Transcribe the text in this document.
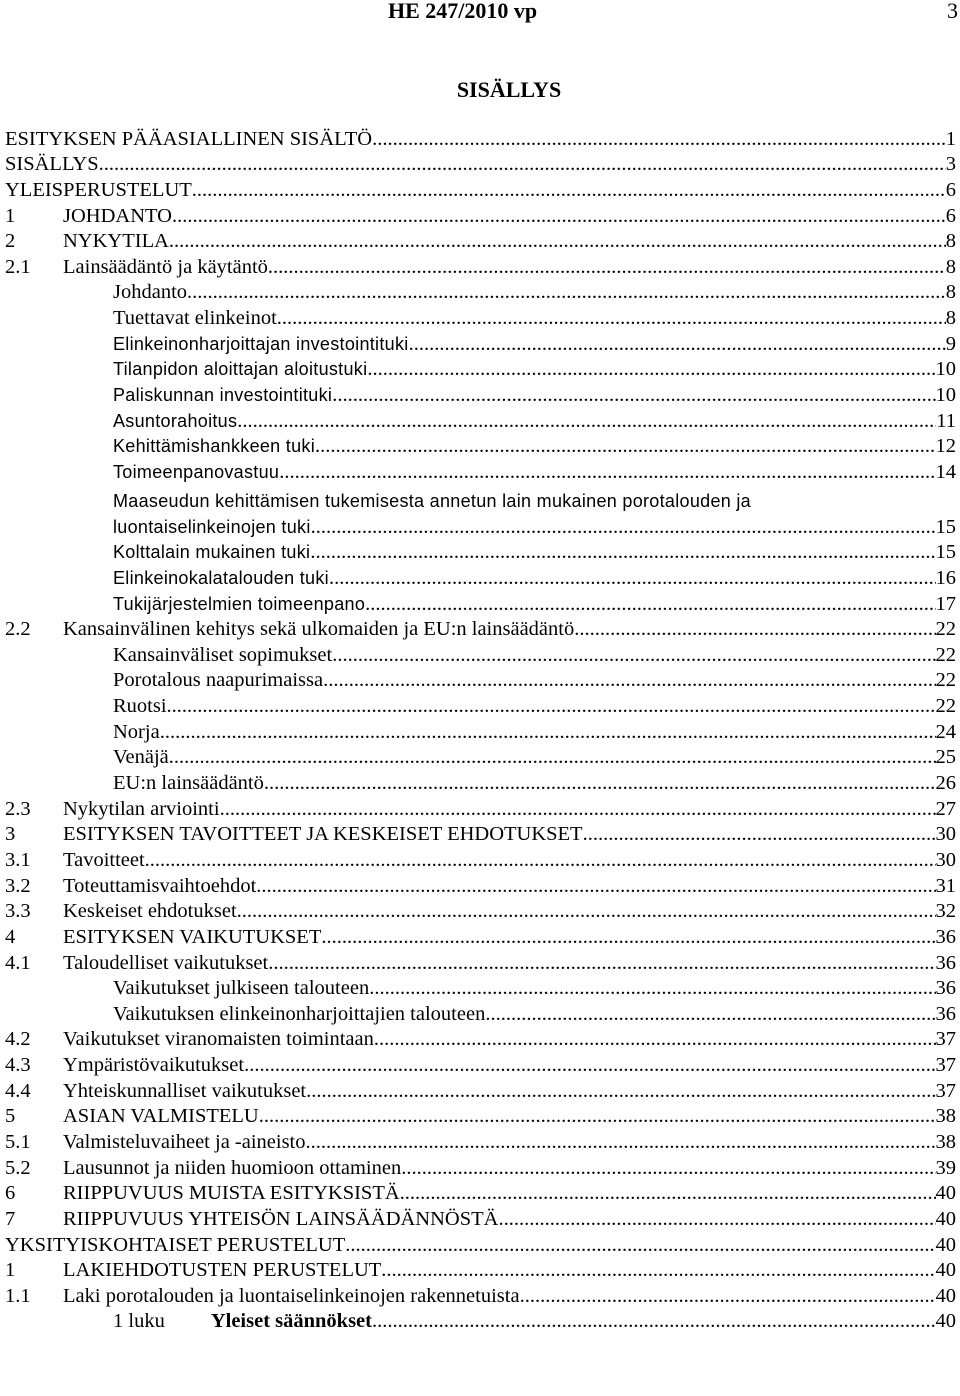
HE 247/2010 vp	3
SISÄLLYS
ESITYKSEN PÄÄASIALLINEN SISÄLTÖ .....	1
SISÄLLYS .....	3
YLEISPERUSTELUT .....	6
1 JOHDANTO .....	6
2 NYKYTILA .....	8
2.1 Lainsäädäntö ja käytäntö .....	8
Johdanto .....	8
Tuettavat elinkeinot .....	8
Elinkeinonharjoittajan investointituki .....	9
Tilanpidon aloittajan aloitustuki .....	10
Paliskunnan investointituki .....	10
Asuntorahoitus .....	11
Kehittämishankkeen tuki .....	12
Toimeenpanovastuu .....	14
Maaseudun kehittämisen tukemisesta annetun lain mukainen porotalouden ja
luontaiselinkeinojen tuki .....	15
Kolttalain mukainen tuki .....	15
Elinkeinokalatalouden tuki .....	16
Tukijärjestelmien toimeenpano .....	17
2.2 Kansainvälinen kehitys sekä ulkomaiden ja EU:n lainsäädäntö .....	22
Kansainväliset sopimukset .....	22
Porotalous naapurimaissa .....	22
Ruotsi .....	22
Norja .....	24
Venäjä .....	25
EU:n lainsäädäntö .....	26
2.3 Nykytilan arviointi .....	27
3 ESITYKSEN TAVOITTEET JA KESKEISET EHDOTUKSET .....	30
3.1 Tavoitteet .....	30
3.2 Toteuttamisvaihtoehdot .....	31
3.3 Keskeiset ehdotukset .....	32
4 ESITYKSEN VAIKUTUKSET .....	36
4.1 Taloudelliset vaikutukset .....	36
Vaikutukset julkiseen talouteen .....	36
Vaikutuksen elinkeinonharjoittajien talouteen .....	36
4.2 Vaikutukset viranomaisten toimintaan .....	37
4.3 Ympäristövaikutukset .....	37
4.4 Yhteiskunnalliset vaikutukset .....	37
5 ASIAN VALMISTELU .....	38
5.1 Valmisteluvaiheet ja -aineisto .....	38
5.2 Lausunnot ja niiden huomioon ottaminen .....	39
6 RIIPPUVUUS MUISTA ESITYKSISTÄ .....	40
7 RIIPPUVUUS YHTEISÖN LAINSÄÄDÄNNÖSTÄ .....	40
YKSITYISKOHTAISET PERUSTELUT .....	40
1 LAKIEHDOTUSTEN PERUSTELUT .....	40
1.1 Laki porotalouden ja luontaiselinkeinojen rakennetuista .....	40
1 luku Yleiset säännökset .....	40
